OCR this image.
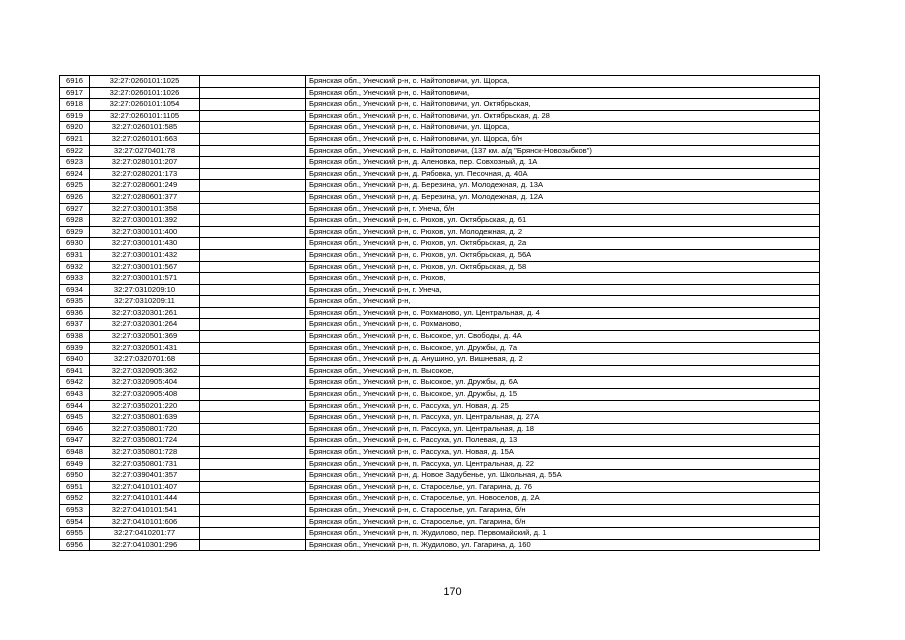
6916	32:27:0260101:1025		Брянская обл., Унечский р-н, с. Найтоповичи, ул. Щорса,
6917	32:27:0260101:1026		Брянская обл., Унечский р-н, с. Найтоповичи,
6918	32:27:0260101:1054		Брянская обл., Унечский р-н, с. Найтоповичи, ул. Октябрьская,
6919	32:27:0260101:1105		Брянская обл., Унечский р-н, с. Найтоповичи, ул. Октябрьская, д. 28
6920	32:27:0260101:585		Брянская обл., Унечский р-н, с. Найтоповичи, ул. Щорса,
6921	32:27:0260101:663		Брянская обл., Унечский р-н, с. Найтоповичи, ул. Щорса, б/н
6922	32:27:0270401:78		Брянская обл., Унечский р-н, с. Найтоповичи, (137 км. а/д "Брянск-Новозыбков")
6923	32:27:0280101:207		Брянская обл., Унечский р-н, д. Аленовка, пер. Совхозный, д. 1А
6924	32:27:0280201:173		Брянская обл., Унечский р-н, д. Рябовка, ул. Песочная, д. 40А
6925	32:27:0280601:249		Брянская обл., Унечский р-н, д. Березина, ул. Молодежная, д. 13А
6926	32:27:0280601:377		Брянская обл., Унечский р-н, д. Березина, ул. Молодежная, д. 12А
6927	32:27:0300101:358		Брянская обл., Унечский р-н, г. Унеча, б/н
6928	32:27:0300101:392		Брянская обл., Унечский р-н, с. Рюхов, ул. Октябрьская, д. 61
6929	32:27:0300101:400		Брянская обл., Унечский р-н, с. Рюхов, ул. Молодежная, д. 2
6930	32:27:0300101:430		Брянская обл., Унечский р-н, с. Рюхов, ул. Октябрьская, д. 2а
6931	32:27:0300101:432		Брянская обл., Унечский р-н, с. Рюхов, ул. Октябрьская, д. 56А
6932	32:27:0300101:567		Брянская обл., Унечский р-н, с. Рюхов, ул. Октябрьская, д. 58
6933	32:27:0300101:571		Брянская обл., Унечский р-н, с. Рюхов,
6934	32:27:0310209:10		Брянская обл., Унечский р-н, г. Унеча,
6935	32:27:0310209:11		Брянская обл., Унечский р-н,
6936	32:27:0320301:261		Брянская обл., Унечский р-н, с. Рохманово, ул. Центральная, д. 4
6937	32:27:0320301:264		Брянская обл., Унечский р-н, с. Рохманово,
6938	32:27:0320501:369		Брянская обл., Унечский р-н, с. Высокое, ул. Свободы, д. 4А
6939	32:27:0320501:431		Брянская обл., Унечский р-н, с. Высокое, ул. Дружбы, д. 7а
6940	32:27:0320701:68		Брянская обл., Унечский р-н, д. Анушино, ул. Вишневая, д. 2
6941	32:27:0320905:362		Брянская обл., Унечский р-н, п. Высокое,
6942	32:27:0320905:404		Брянская обл., Унечский р-н, с. Высокое, ул. Дружбы, д. 6А
6943	32:27:0320905:408		Брянская обл., Унечский р-н, с. Высокое, ул. Дружбы, д. 15
6944	32:27:0350201:220		Брянская обл., Унечский р-н, с. Рассуха, ул. Новая, д. 25
6945	32:27:0350801:639		Брянская обл., Унечский р-н, п. Рассуха, ул. Центральная, д. 27А
6946	32:27:0350801:720		Брянская обл., Унечский р-н, п. Рассуха, ул. Центральная, д. 18
6947	32:27:0350801:724		Брянская обл., Унечский р-н, с. Рассуха, ул. Полевая, д. 13
6948	32:27:0350801:728		Брянская обл., Унечский р-н, с. Рассуха, ул. Новая, д. 15А
6949	32:27:0350801:731		Брянская обл., Унечский р-н, п. Рассуха, ул. Центральная, д. 22
6950	32:27:0390401:357		Брянская обл., Унечский р-н, д. Новое Задубенье, ул. Школьная, д. 55А
6951	32:27:0410101:407		Брянская обл., Унечский р-н, с. Староселье, ул. Гагарина, д. 76
6952	32:27:0410101:444		Брянская обл., Унечский р-н, с. Староселье, ул. Новоселов, д. 2А
6953	32:27:0410101:541		Брянская обл., Унечский р-н, с. Староселье, ул. Гагарина, б/н
6954	32:27:0410101:606		Брянская обл., Унечский р-н, с. Староселье, ул. Гагарина, б/н
6955	32:27:0410201:77		Брянская обл., Унечский р-н, п. Жудилово, пер. Первомайский, д. 1
6956	32:27:0410301:296		Брянская обл., Унечский р-н, п. Жудилово, ул. Гагарина, д. 160
170
